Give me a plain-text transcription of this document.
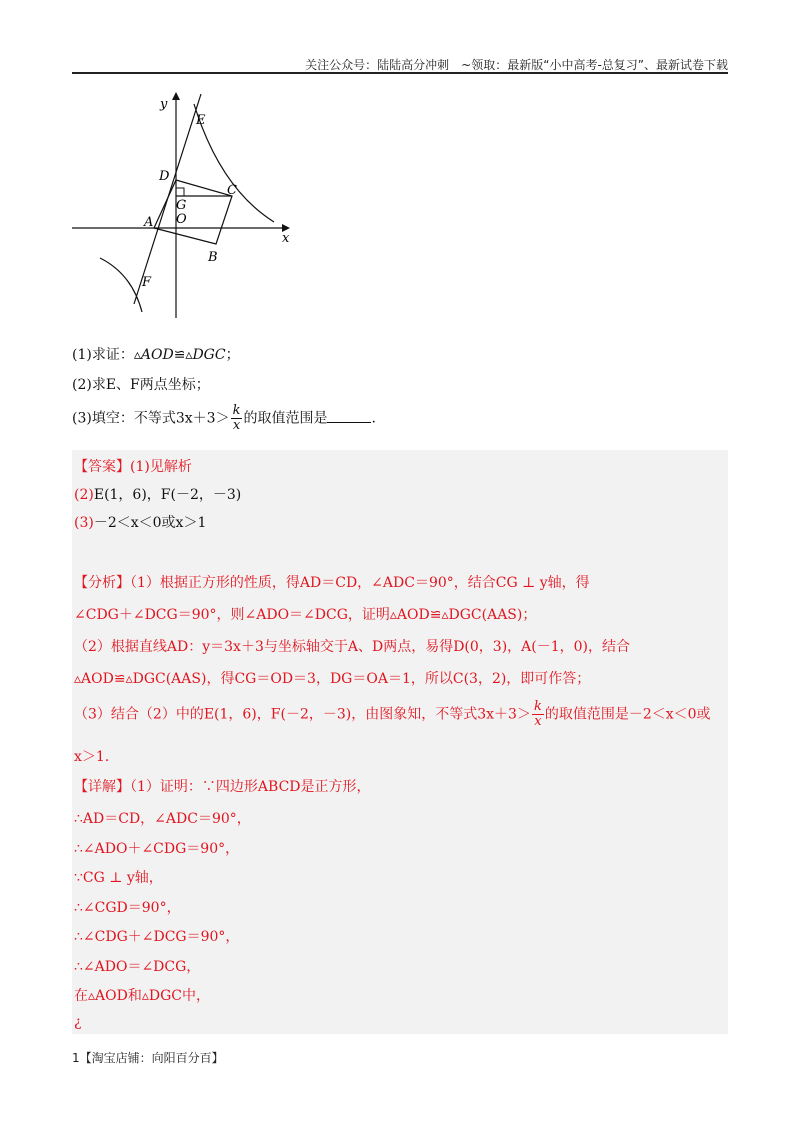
关注公众号：陆陆高分冲刺　~领取：最新版“小中高考-总复习”、最新试卷下载
y
x
E
D
C
G
O
A
B
F
(1)求证：▵AOD≌▵DGC；
(2)求E、F两点坐标；
(3)填空：不等式$3x+3> \frac{k}{x}$ 的取值范围是	.
【答案】(1)见解析
(2)E(1，6)，F(－2，－3)
(3)－2＜x＜0或x＞1
【分析】（1）根据正方形的性质，得AD＝CD，∠ADC＝90°，结合CG ⊥ y轴，得
∠CDG＋∠DCG＝90°，则∠ADO＝∠DCG，证明▵AOD≌▵DGC(AAS)；
（2）根据直线AD：y＝3x＋3与坐标轴交于A、D两点，易得D(0，3)，A(－1，0)，结合
▵AOD≌▵DGC(AAS)，得CG＝OD＝3，DG＝OA＝1，所以C(3，2)，即可作答；
（3）结合（2）中的E(1，6)，F(－2，－3)，由图象知，不等式$3x+3> \frac{k}{x}$ 的取值范围是－2＜x＜0或
x＞1.
【详解】（1）证明：∵四边形ABCD是正方形，
∴AD＝CD，∠ADC＝90°，
∴∠ADO＋∠CDG＝90°，
∵CG ⊥ y轴，
∴∠CGD＝90°，
∴∠CDG＋∠DCG＝90°，
∴∠ADO＝∠DCG，
在▵AOD和▵DGC中，
¿
1【淘宝店铺：向阳百分百】
